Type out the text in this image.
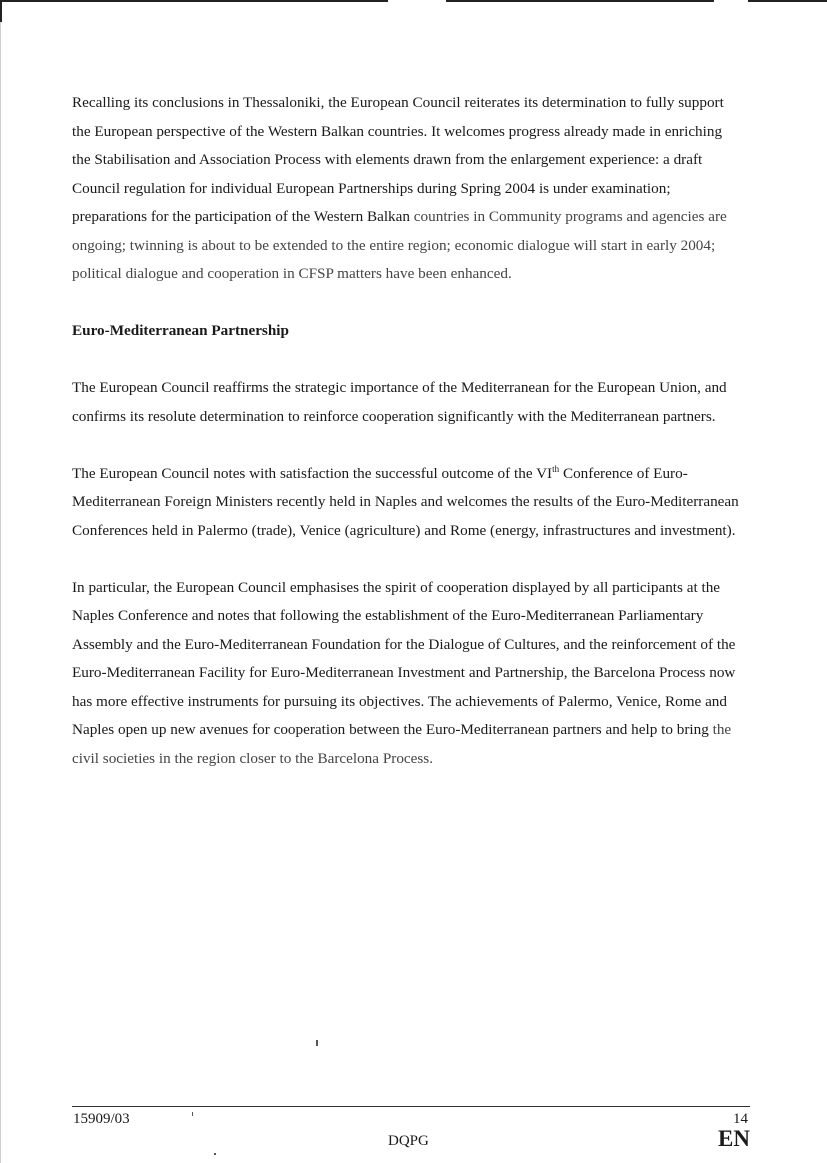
Recalling its conclusions in Thessaloniki, the European Council reiterates its determination to fully support the European perspective of the Western Balkan countries. It welcomes progress already made in enriching the Stabilisation and Association Process with elements drawn from the enlargement experience: a draft Council regulation for individual European Partnerships during Spring 2004 is under examination; preparations for the participation of the Western Balkan countries in Community programs and agencies are ongoing; twinning is about to be extended to the entire region; economic dialogue will start in early 2004; political dialogue and cooperation in CFSP matters have been enhanced.

Euro-Mediterranean Partnership

The European Council reaffirms the strategic importance of the Mediterranean for the European Union, and confirms its resolute determination to reinforce cooperation significantly with the Mediterranean partners.

The European Council notes with satisfaction the successful outcome of the VIth Conference of Euro-Mediterranean Foreign Ministers recently held in Naples and welcomes the results of the Euro-Mediterranean Conferences held in Palermo (trade), Venice (agriculture) and Rome (energy, infrastructures and investment).

In particular, the European Council emphasises the spirit of cooperation displayed by all participants at the Naples Conference and notes that following the establishment of the Euro-Mediterranean Parliamentary Assembly and the Euro-Mediterranean Foundation for the Dialogue of Cultures, and the reinforcement of the Euro-Mediterranean Facility for Euro-Mediterranean Investment and Partnership, the Barcelona Process now has more effective instruments for pursuing its objectives. The achievements of Palermo, Venice, Rome and Naples open up new avenues for cooperation between the Euro-Mediterranean partners and help to bring the civil societies in the region closer to the Barcelona Process.

15909/03
DQPG
14
EN
